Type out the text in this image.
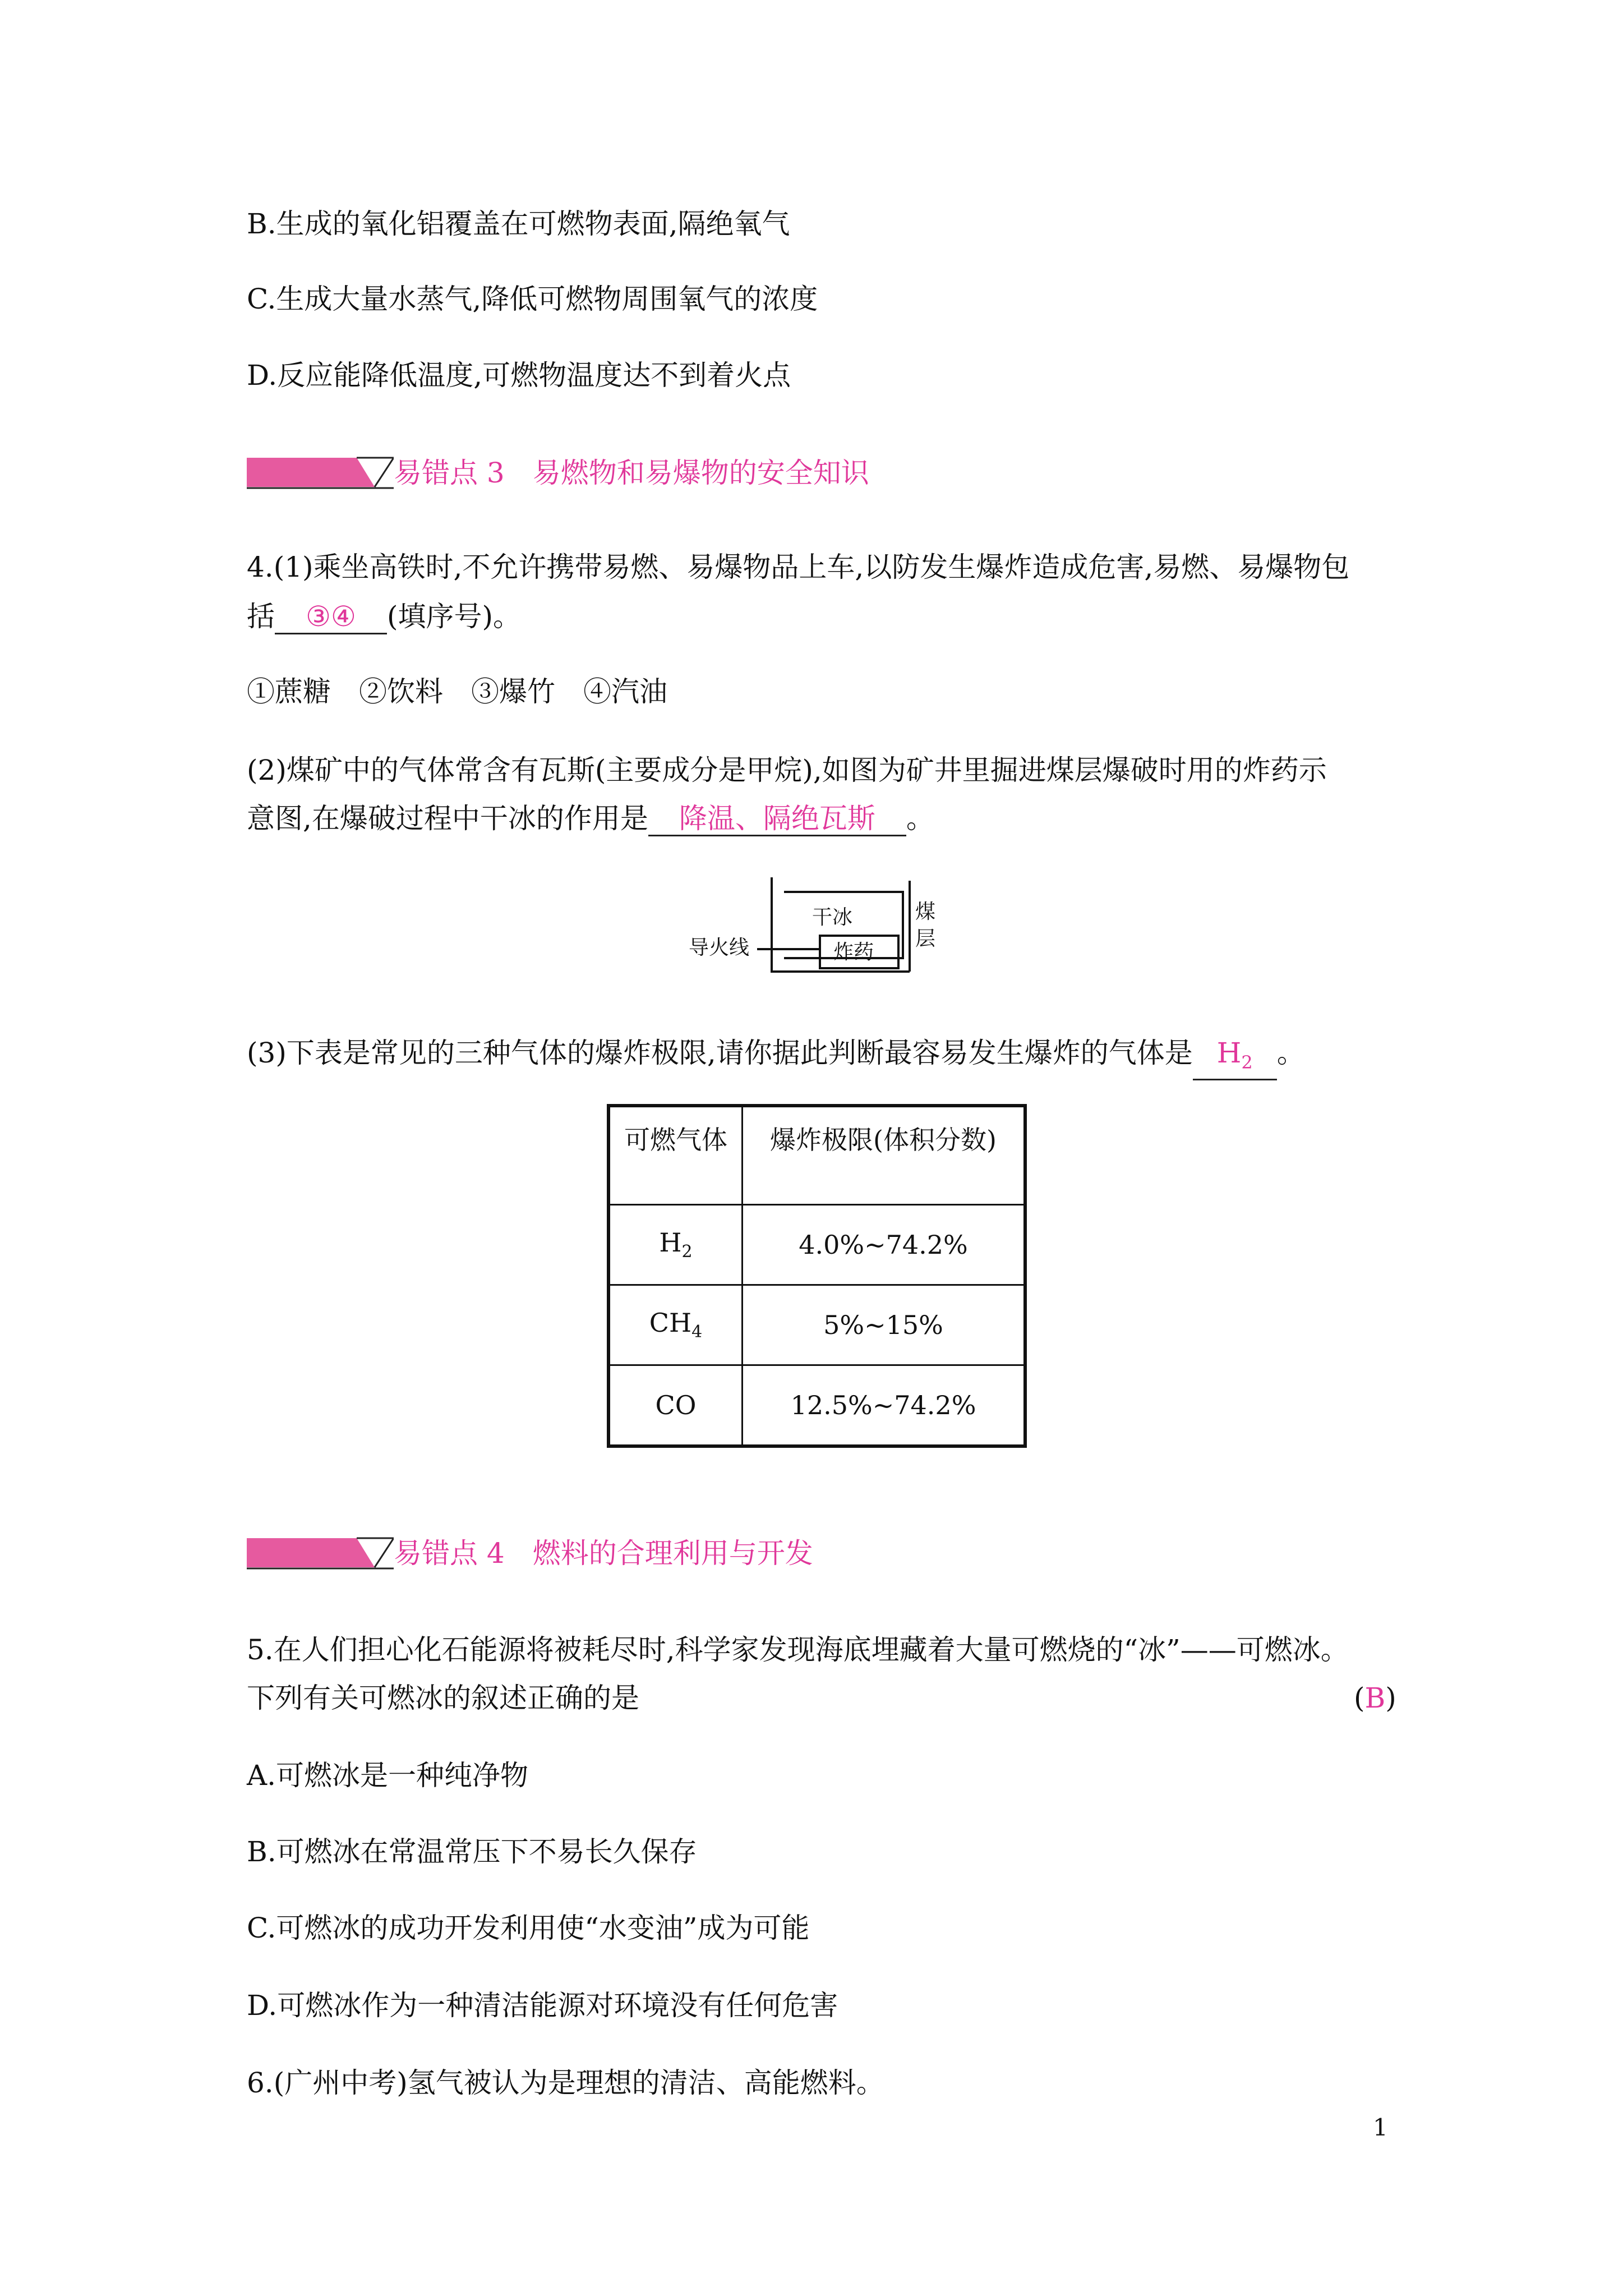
B.生成的氧化铝覆盖在可燃物表面,隔绝氧气
C.生成大量水蒸气,降低可燃物周围氧气的浓度
D.反应能降低温度,可燃物温度达不到着火点
易错点 3　易燃物和易爆物的安全知识
4.(1)乘坐高铁时,不允许携带易燃、易爆物品上车,以防发生爆炸造成危害,易燃、易爆物包
括 ③④ (填序号)。
①蔗糖　②饮料　③爆竹　④汽油
(2)煤矿中的气体常含有瓦斯(主要成分是甲烷),如图为矿井里掘进煤层爆破时用的炸药示
意图,在爆破过程中干冰的作用是 降温、隔绝瓦斯 。
干冰
炸药
煤
层
导火线
(3)下表是常见的三种气体的爆炸极限,请你据此判断最容易发生爆炸的气体是 $H_2$ 。
可燃气体	爆炸极限(体积分数)
$H_2$	4.0%~74.2%
$CH_4$	5%~15%
CO	12.5%~74.2%
易错点 4　燃料的合理利用与开发
5.在人们担心化石能源将被耗尽时,科学家发现海底埋藏着大量可燃烧的“冰”——可燃冰。
下列有关可燃冰的叙述正确的是	(B)
A.可燃冰是一种纯净物
B.可燃冰在常温常压下不易长久保存
C.可燃冰的成功开发利用使“水变油”成为可能
D.可燃冰作为一种清洁能源对环境没有任何危害
6.(广州中考)氢气被认为是理想的清洁、高能燃料。
1
